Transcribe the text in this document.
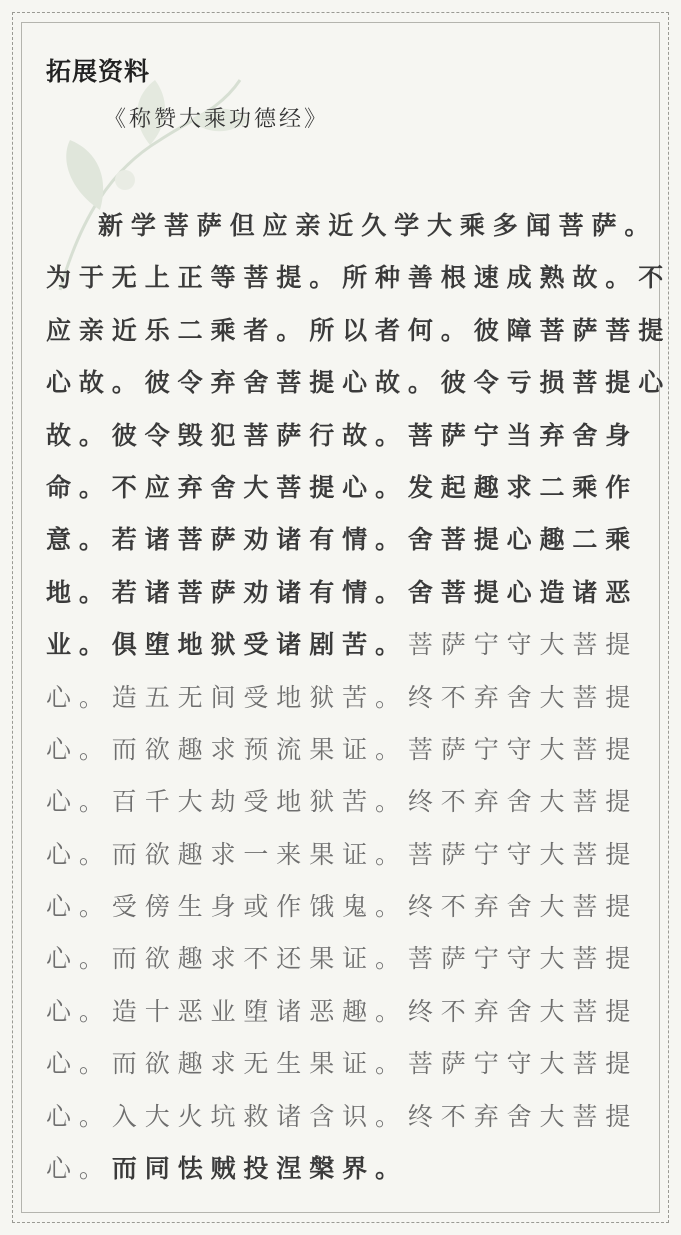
拓展资料
《称赞大乘功德经》
新学菩萨但应亲近久学大乘多闻菩萨。
为于无上正等菩提。所种善根速成熟故。不
应亲近乐二乘者。所以者何。彼障菩萨菩提
心故。彼令弃舍菩提心故。彼令亏损菩提心
故。彼令毁犯菩萨行故。菩萨宁当弃舍身
命。不应弃舍大菩提心。发起趣求二乘作
意。若诸菩萨劝诸有情。舍菩提心趣二乘
地。若诸菩萨劝诸有情。舍菩提心造诸恶
业。俱堕地狱受诸剧苦。菩萨宁守大菩提
心。造五无间受地狱苦。终不弃舍大菩提
心。而欲趣求预流果证。菩萨宁守大菩提
心。百千大劫受地狱苦。终不弃舍大菩提
心。而欲趣求一来果证。菩萨宁守大菩提
心。受傍生身或作饿鬼。终不弃舍大菩提
心。而欲趣求不还果证。菩萨宁守大菩提
心。造十恶业堕诸恶趣。终不弃舍大菩提
心。而欲趣求无生果证。菩萨宁守大菩提
心。入大火坑救诸含识。终不弃舍大菩提
心。而同怯贼投涅槃界。
